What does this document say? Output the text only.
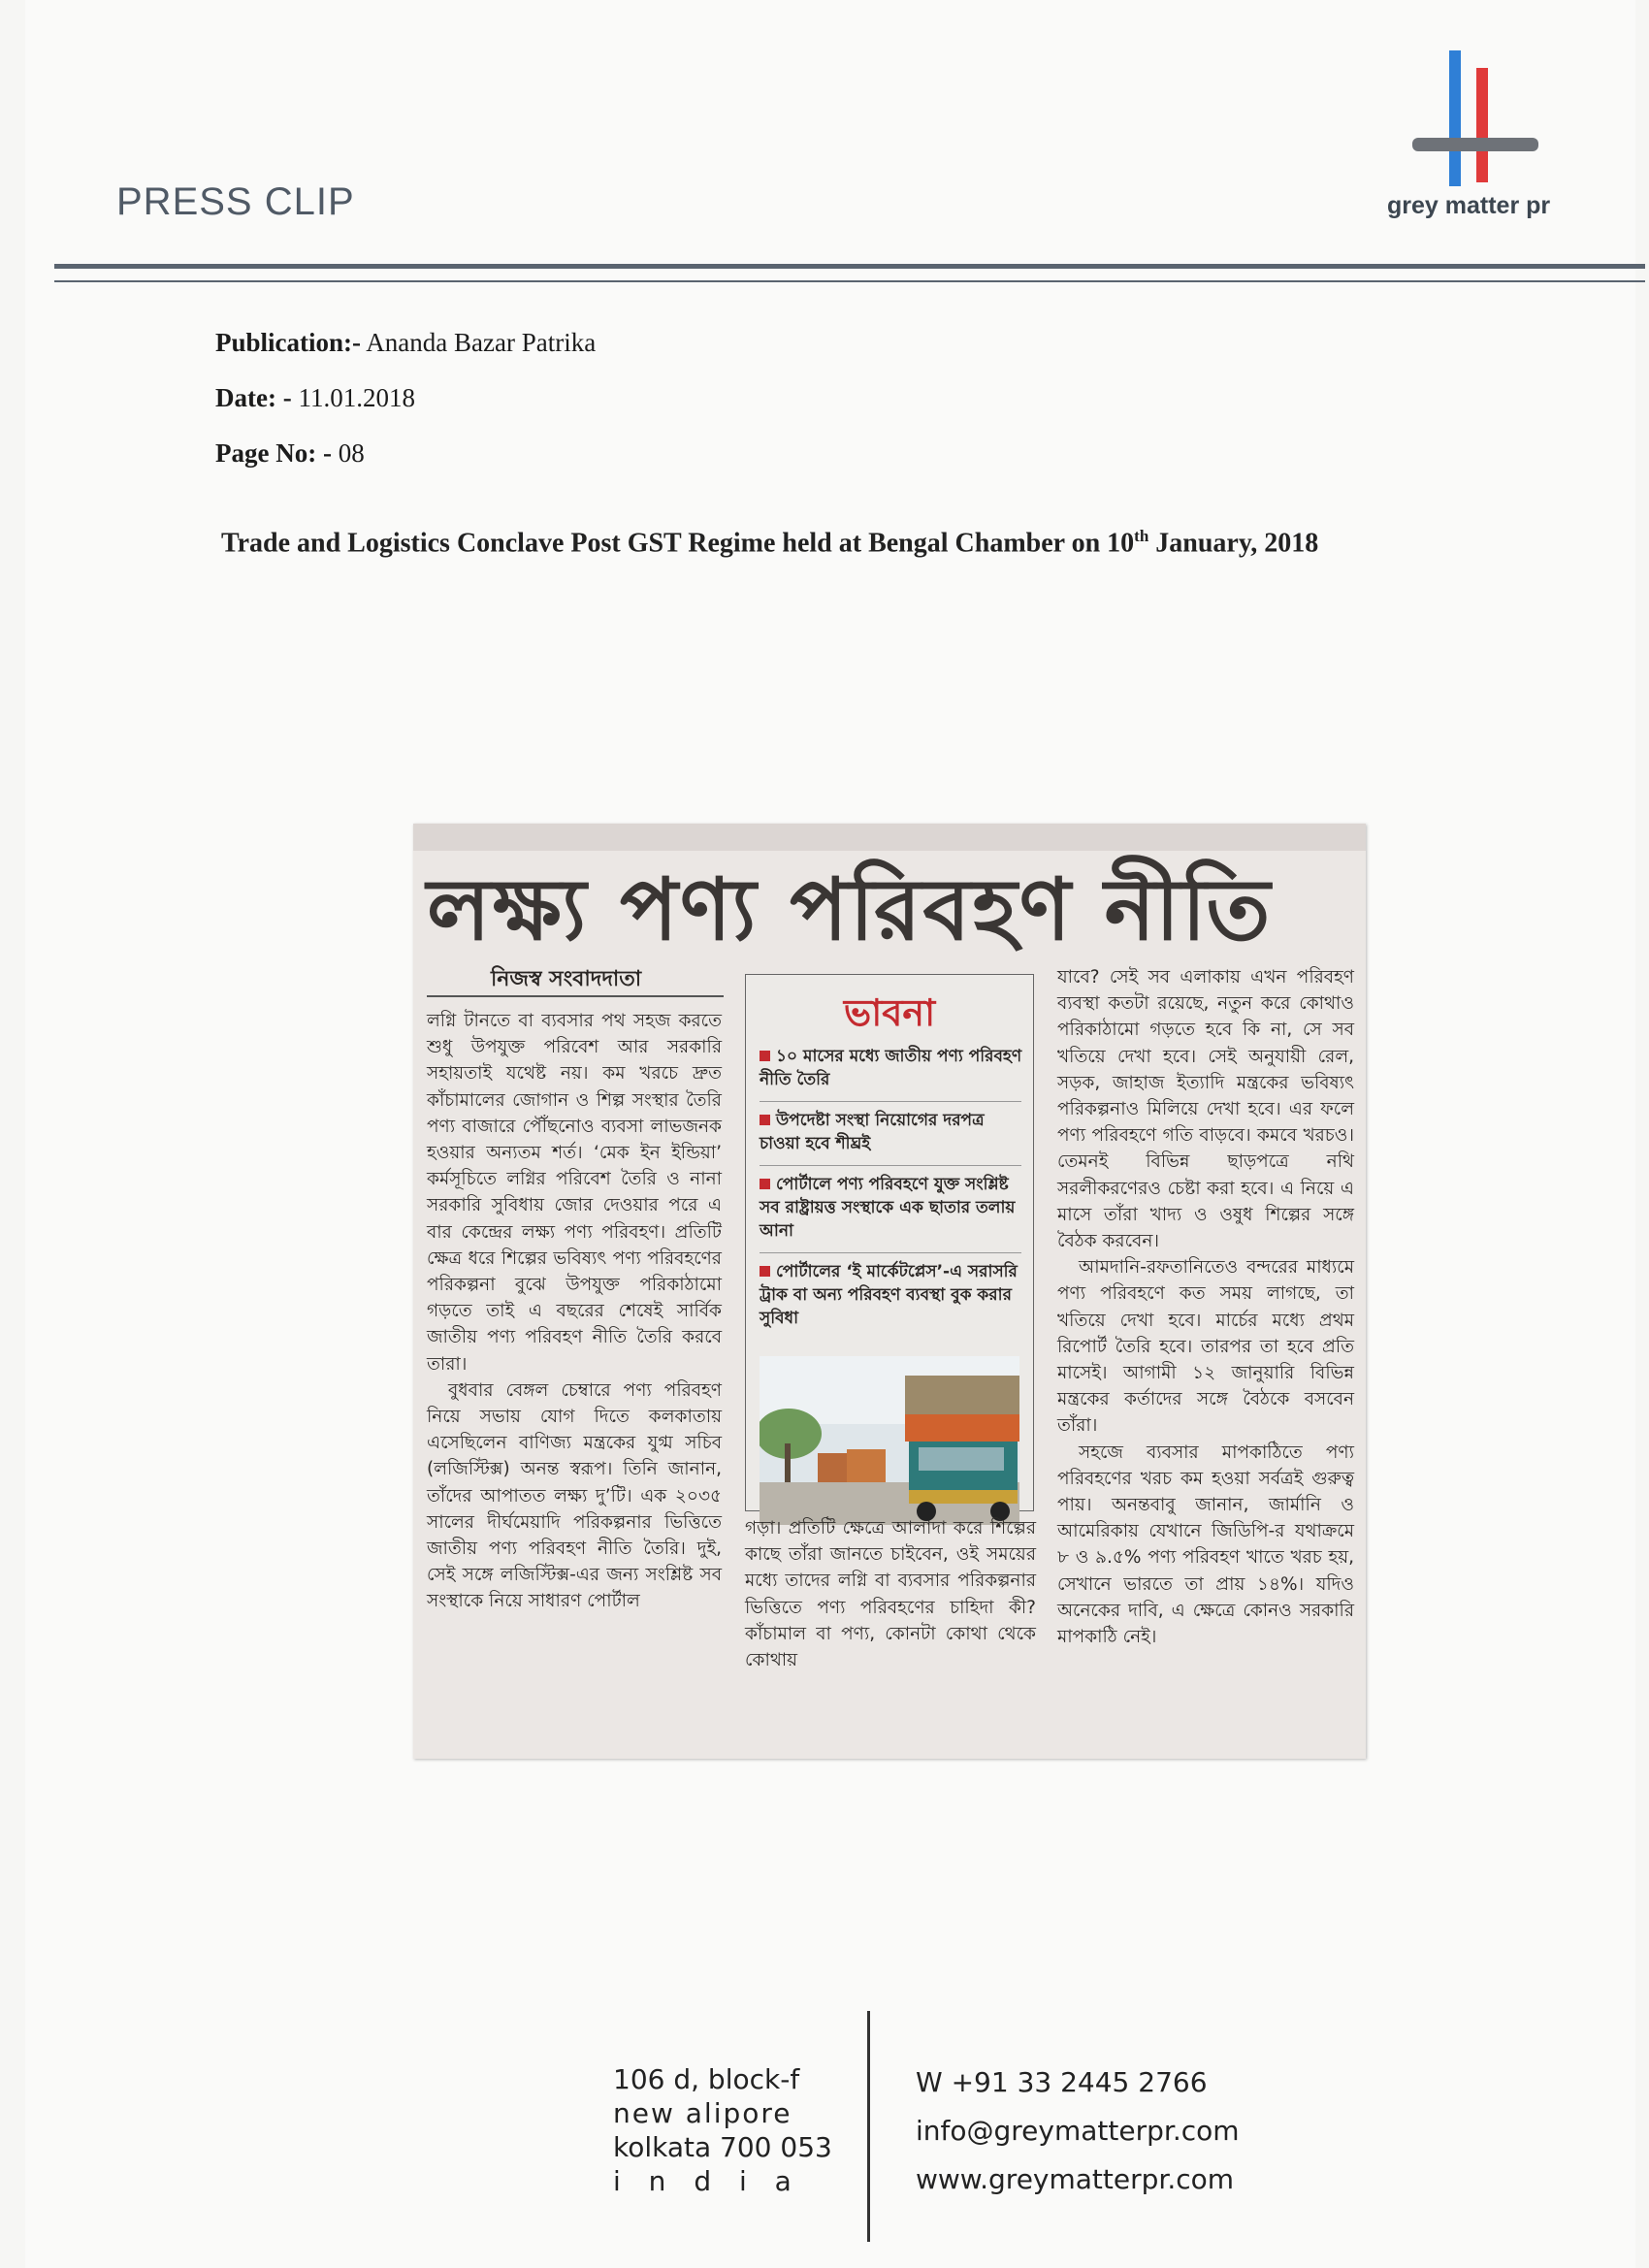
PRESS CLIP	grey matter pr
Publication:- Ananda Bazar Patrika
Date: - 11.01.2018
Page No: - 08
Trade and Logistics Conclave Post GST Regime held at Bengal Chamber on 10th January, 2018
লক্ষ্য পণ্য পরিবহণ নীতি
নিজস্ব সংবাদদাতা

লগ্নি টানতে বা ব্যবসার পথ সহজ করতে শুধু উপযুক্ত পরিবেশ আর সরকারি সহায়তাই যথেষ্ট নয়। কম খরচে দ্রুত কাঁচামালের জোগান ও শিল্প সংস্থার তৈরি পণ্য বাজারে পৌঁছনোও ব্যবসা লাভজনক হওয়ার অন্যতম শর্ত। ‘মেক ইন ইন্ডিয়া’ কর্মসূচিতে লগ্নির পরিবেশ তৈরি ও নানা সরকারি সুবিধায় জোর দেওয়ার পরে এ বার কেন্দ্রের লক্ষ্য পণ্য পরিবহণ। প্রতিটি ক্ষেত্র ধরে শিল্পের ভবিষ্যৎ পণ্য পরিবহণের পরিকল্পনা বুঝে উপযুক্ত পরিকাঠামো গড়তে তাই এ বছরের শেষেই সার্বিক জাতীয় পণ্য পরিবহণ নীতি তৈরি করবে তারা।

বুধবার বেঙ্গল চেম্বারে পণ্য পরিবহণ নিয়ে সভায় যোগ দিতে কলকাতায় এসেছিলেন বাণিজ্য মন্ত্রকের যুগ্ম সচিব (লজিস্টিক্স) অনন্ত স্বরূপ। তিনি জানান, তাঁদের আপাতত লক্ষ্য দু’টি। এক ২০৩৫ সালের দীর্ঘমেয়াদি পরিকল্পনার ভিত্তিতে জাতীয় পণ্য পরিবহণ নীতি তৈরি। দুই, সেই সঙ্গে লজিস্টিক্স-এর জন্য সংশ্লিষ্ট সব সংস্থাকে নিয়ে সাধারণ পোর্টাল

ভাবনা
১০ মাসের মধ্যে জাতীয় পণ্য পরিবহণ নীতি তৈরি
উপদেষ্টা সংস্থা নিয়োগের দরপত্র চাওয়া হবে শীঘ্রই
পোর্টালে পণ্য পরিবহণে যুক্ত সংশ্লিষ্ট সব রাষ্ট্রায়ত্ত সংস্থাকে এক ছাতার তলায় আনা
পোর্টালের ‘ই মার্কেটপ্লেস’-এ সরাসরি ট্রাক বা অন্য পরিবহণ ব্যবস্থা বুক করার সুবিধা

গড়া। প্রতিটি ক্ষেত্রে আলাদা করে শিল্পের কাছে তাঁরা জানতে চাইবেন, ওই সময়ের মধ্যে তাদের লগ্নি বা ব্যবসার পরিকল্পনার ভিত্তিতে পণ্য পরিবহণের চাহিদা কী? কাঁচামাল বা পণ্য, কোনটা কোথা থেকে কোথায়

যাবে? সেই সব এলাকায় এখন পরিবহণ ব্যবস্থা কতটা রয়েছে, নতুন করে কোথাও পরিকাঠামো গড়তে হবে কি না, সে সব খতিয়ে দেখা হবে। সেই অনুযায়ী রেল, সড়ক, জাহাজ ইত্যাদি মন্ত্রকের ভবিষ্যৎ পরিকল্পনাও মিলিয়ে দেখা হবে। এর ফলে পণ্য পরিবহণে গতি বাড়বে। কমবে খরচও। তেমনই বিভিন্ন ছাড়পত্রে নথি সরলীকরণেরও চেষ্টা করা হবে। এ নিয়ে এ মাসে তাঁরা খাদ্য ও ওষুধ শিল্পের সঙ্গে বৈঠক করবেন।

আমদানি-রফতানিতেও বন্দরের মাধ্যমে পণ্য পরিবহণে কত সময় লাগছে, তা খতিয়ে দেখা হবে। মার্চের মধ্যে প্রথম রিপোর্ট তৈরি হবে। তারপর তা হবে প্রতি মাসেই। আগামী ১২ জানুয়ারি বিভিন্ন মন্ত্রকের কর্তাদের সঙ্গে বৈঠকে বসবেন তাঁরা।

সহজে ব্যবসার মাপকাঠিতে পণ্য পরিবহণের খরচ কম হওয়া সর্বত্রই গুরুত্ব পায়। অনন্তবাবু জানান, জার্মানি ও আমেরিকায় যেখানে জিডিপি-র যথাক্রমে ৮ ও ৯.৫% পণ্য পরিবহণ খাতে খরচ হয়, সেখানে ভারতে তা প্রায় ১৪%। যদিও অনেকের দাবি, এ ক্ষেত্রে কোনও সরকারি মাপকাঠি নেই।

106 d, block-f
new alipore
kolkata 700 053
i n d i a
W +91 33 2445 2766
info@greymatterpr.com
www.greymatterpr.com
